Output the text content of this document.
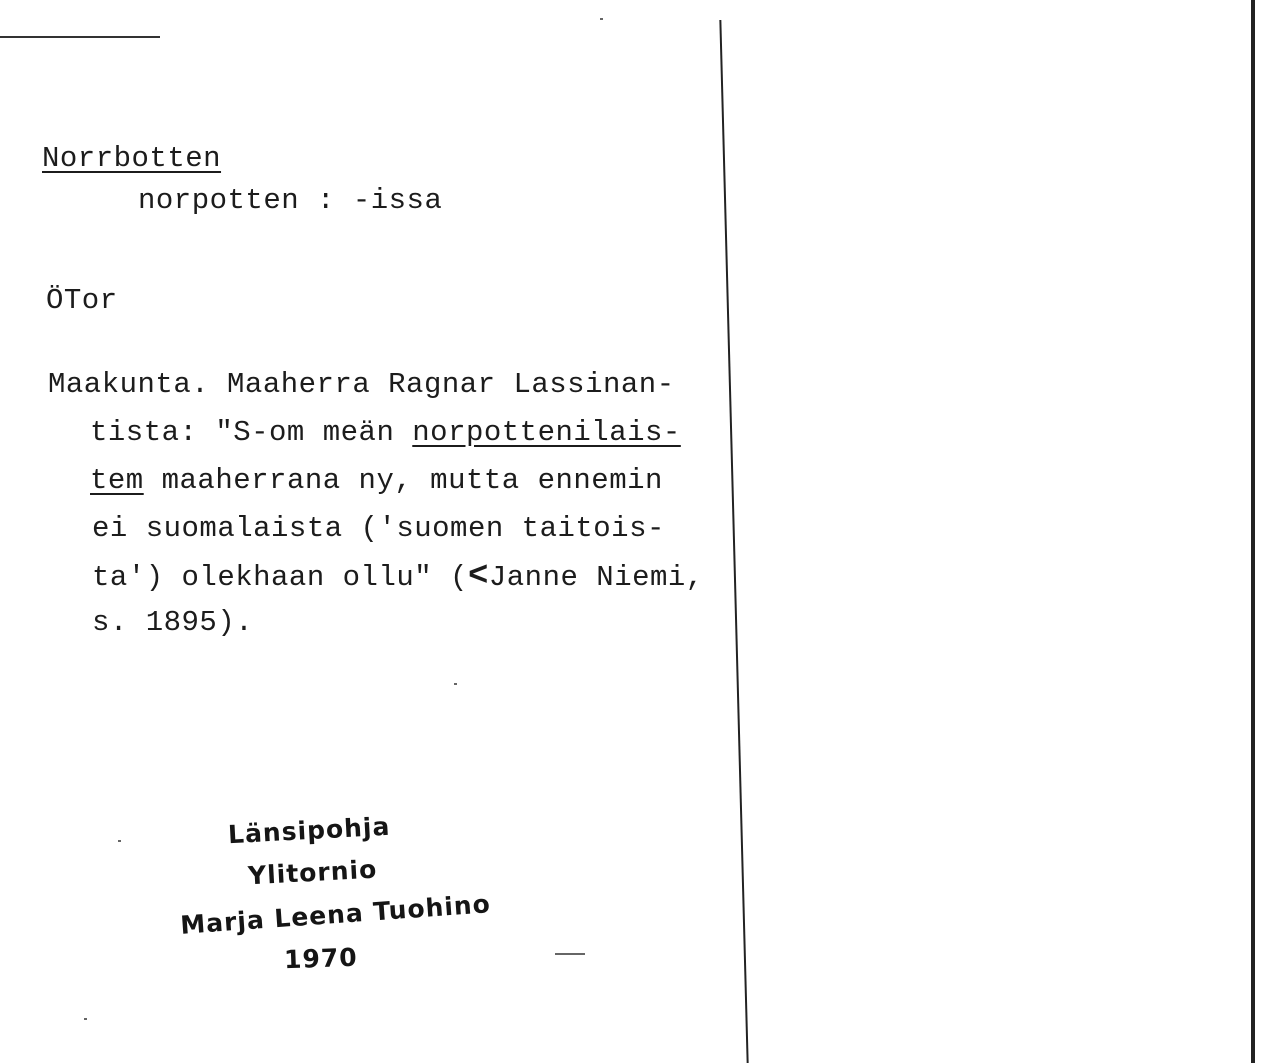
Norrbotten
norpotten : -issa
ÖTor
Maakunta. Maaherra Ragnar Lassinan-
tista: "S-om meän norpottenilais-
tem maaherrana ny, mutta ennemin
ei suomalaista ('suomen taitois-
ta') olekhaan ollu" (<Janne Niemi,
s. 1895).
Länsipohja
Ylitornio
Marja Leena Tuohino
1970
